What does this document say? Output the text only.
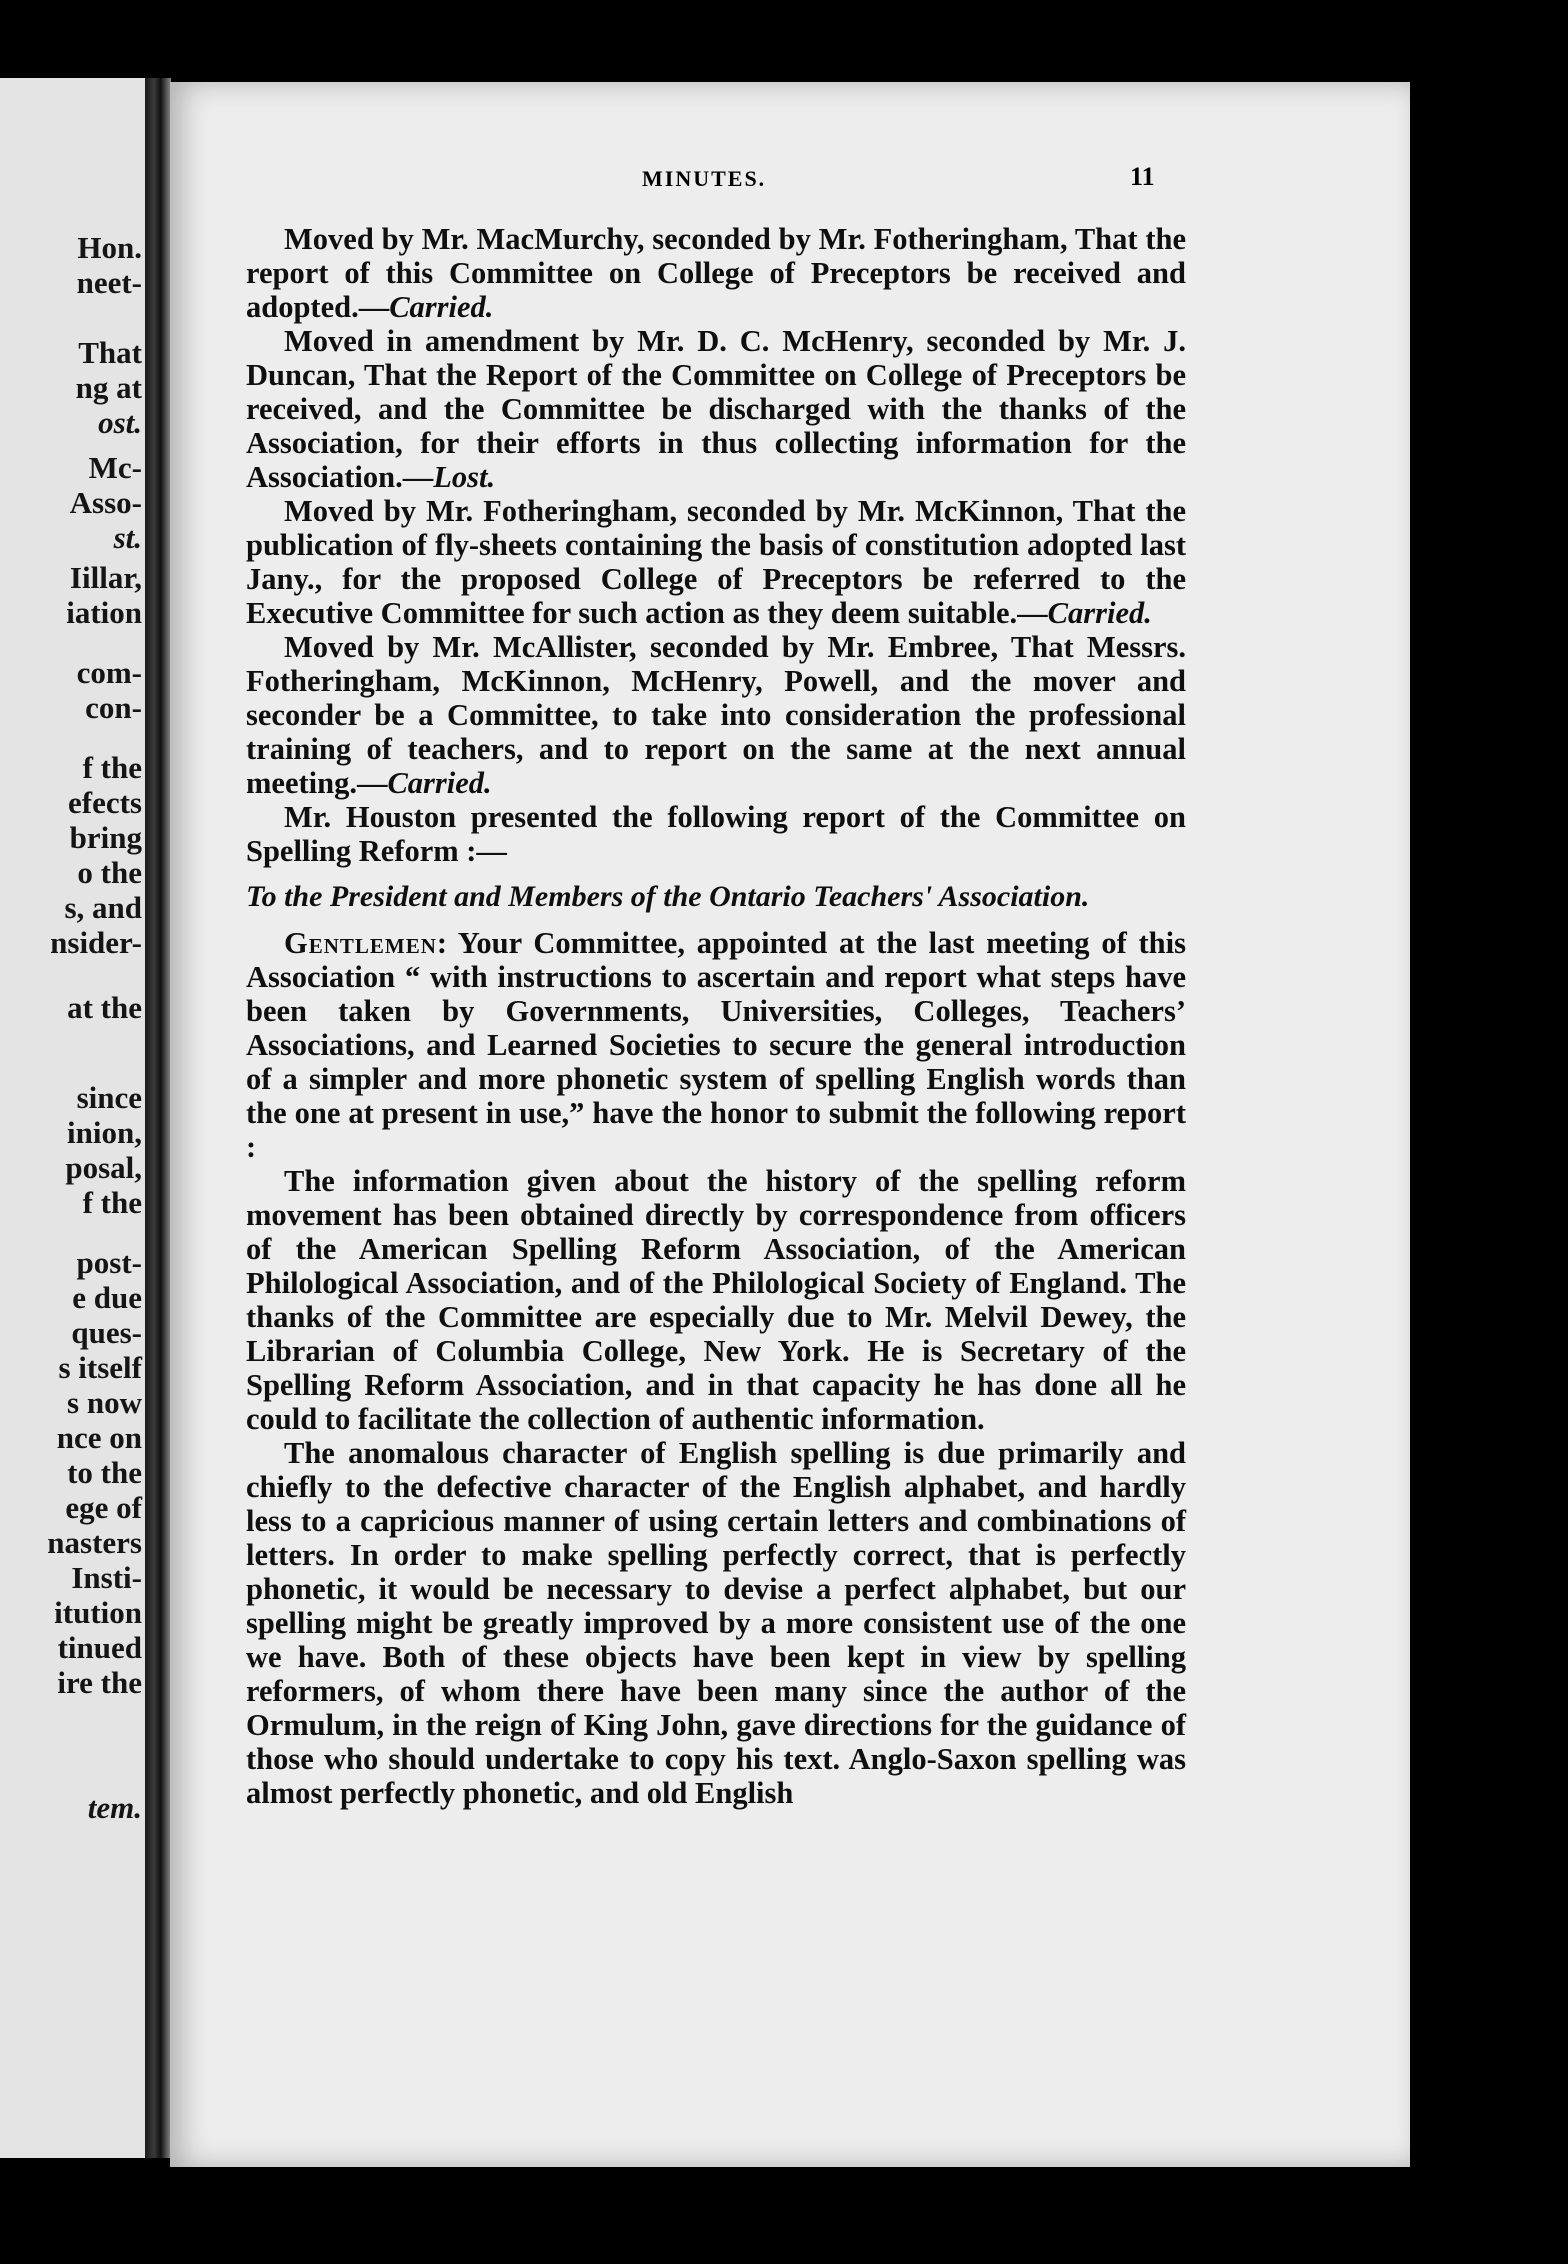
Hon.
neet-
That
ng at
ost.
Mc-
Asso-
st.
Iillar,
iation
com-
con-
f the
efects
bring
o the
s, and
nsider-
at the
since
inion,
posal,
f the
post-
e due
ques-
s itself
s now
nce on
to the
ege of
nasters
Insti-
itution
tinued
ire the
tem.
MINUTES.	11

Moved by Mr. MacMurchy, seconded by Mr. Fotheringham, That the report of this Committee on College of Preceptors be received and adopted.—Carried.

Moved in amendment by Mr. D. C. McHenry, seconded by Mr. J. Duncan, That the Report of the Committee on College of Preceptors be received, and the Committee be discharged with the thanks of the Association, for their efforts in thus collecting information for the Association.—Lost.

Moved by Mr. Fotheringham, seconded by Mr. McKinnon, That the publication of fly-sheets containing the basis of constitution adopted last Jany., for the proposed College of Preceptors be referred to the Executive Committee for such action as they deem suitable.—Carried.

Moved by Mr. McAllister, seconded by Mr. Embree, That Messrs. Fotheringham, McKinnon, McHenry, Powell, and the mover and seconder be a Committee, to take into consideration the professional training of teachers, and to report on the same at the next annual meeting.—Carried.

Mr. Houston presented the following report of the Committee on Spelling Reform :—

To the President and Members of the Ontario Teachers' Association.

Gentlemen: Your Committee, appointed at the last meeting of this Association “ with instructions to ascertain and report what steps have been taken by Governments, Universities, Colleges, Teachers’ Associations, and Learned Societies to secure the general introduction of a simpler and more phonetic system of spelling English words than the one at present in use,” have the honor to submit the following report :

The information given about the history of the spelling reform movement has been obtained directly by correspondence from officers of the American Spelling Reform Association, of the American Philological Association, and of the Philological Society of England. The thanks of the Committee are especially due to Mr. Melvil Dewey, the Librarian of Columbia College, New York. He is Secretary of the Spelling Reform Association, and in that capacity he has done all he could to facilitate the collection of authentic information.

The anomalous character of English spelling is due primarily and chiefly to the defective character of the English alphabet, and hardly less to a capricious manner of using certain letters and combinations of letters. In order to make spelling perfectly correct, that is perfectly phonetic, it would be necessary to devise a perfect alphabet, but our spelling might be greatly improved by a more consistent use of the one we have. Both of these objects have been kept in view by spelling reformers, of whom there have been many since the author of the Ormulum, in the reign of King John, gave directions for the guidance of those who should undertake to copy his text. Anglo-Saxon spelling was almost perfectly phonetic, and old English
